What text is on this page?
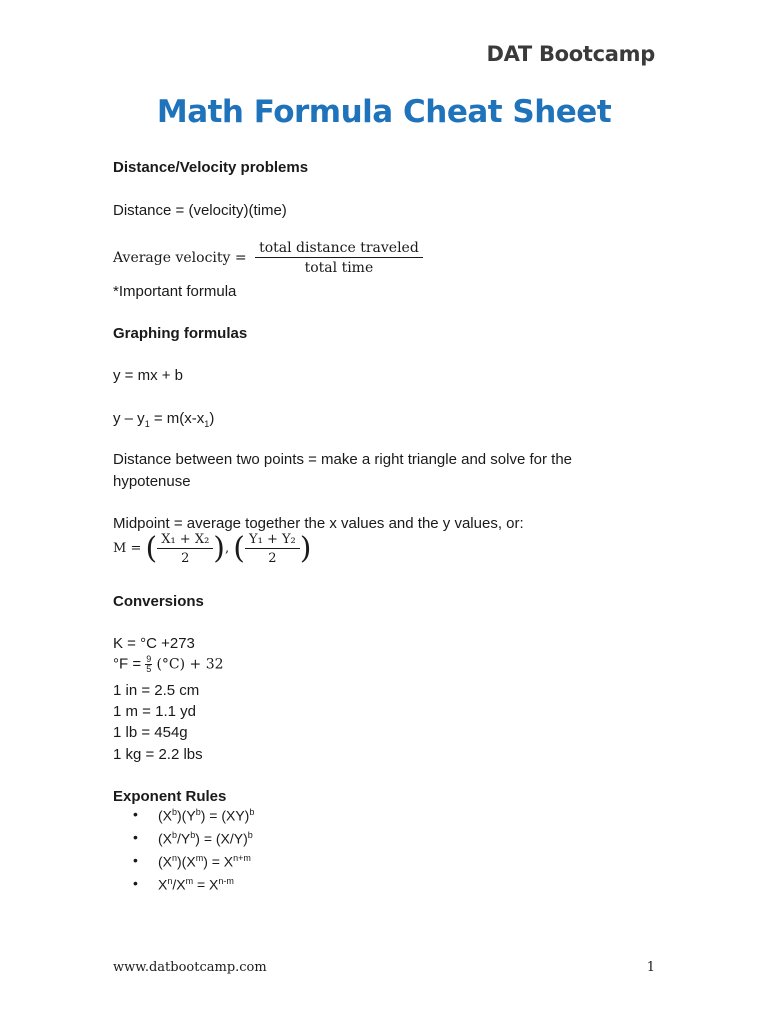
DAT Bootcamp
Math Formula Cheat Sheet
Distance/Velocity problems
Distance = (velocity)(time)
Average velocity = $\frac{\text{total distance traveled}}{\text{total time}}$
*Important formula
Graphing formulas
y = mx + b
$y - y_1 = m(x-x_1)$
Distance between two points = make a right triangle and solve for the
hypotenuse
Midpoint = average together the x values and the y values, or:
M = ( $\frac{\text{X₁ + X₂}}{2}$ ), ( $\frac{\text{Y₁ + Y₂}}{2}$ )
Conversions
K = °C +273
$^\circ F = \frac{9}{5} (^\circ C) + 32$
1 in = 2.5 cm
1 m = 1.1 yd
1 lb = 454g
1 kg = 2.2 lbs
Exponent Rules
• $(X^b)(Y^b) = (XY)^b$
• $(X^b/Y^b) = (X/Y)^b$
• $(X^n)(X^m) = X^{n+m}$
• $X^n/X^m = X^{n-m}$
www.datbootcamp.com	1
